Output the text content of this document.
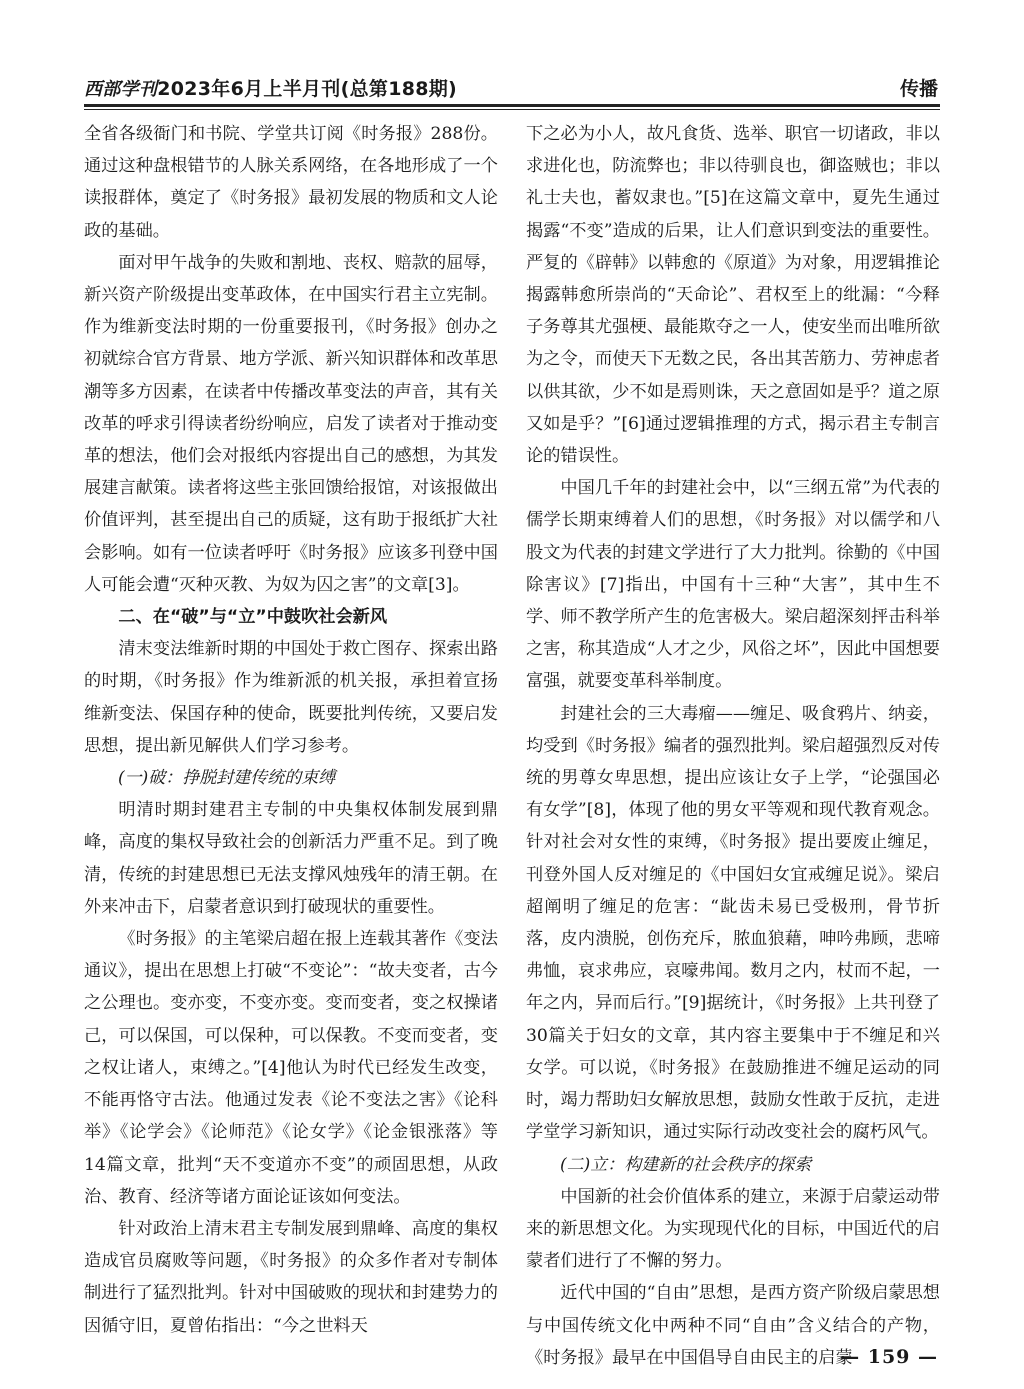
西部学刊2023年6月上半月刊(总第188期)	传播

全省各级衙门和书院、学堂共订阅《时务报》288份。通过这种盘根错节的人脉关系网络，在各地形成了一个读报群体，奠定了《时务报》最初发展的物质和文人论政的基础。

面对甲午战争的失败和割地、丧权、赔款的屈辱，新兴资产阶级提出变革政体，在中国实行君主立宪制。作为维新变法时期的一份重要报刊，《时务报》创办之初就综合官方背景、地方学派、新兴知识群体和改革思潮等多方因素，在读者中传播改革变法的声音，其有关改革的呼求引得读者纷纷响应，启发了读者对于推动变革的想法，他们会对报纸内容提出自己的感想，为其发展建言献策。读者将这些主张回馈给报馆，对该报做出价值评判，甚至提出自己的质疑，这有助于报纸扩大社会影响。如有一位读者呼吁《时务报》应该多刊登中国人可能会遭“灭种灭教、为奴为囚之害”的文章[3]。

二、在“破”与“立”中鼓吹社会新风

清末变法维新时期的中国处于救亡图存、探索出路的时期，《时务报》作为维新派的机关报，承担着宣扬维新变法、保国存种的使命，既要批判传统，又要启发思想，提出新见解供人们学习参考。

(一)破：挣脱封建传统的束缚

明清时期封建君主专制的中央集权体制发展到鼎峰，高度的集权导致社会的创新活力严重不足。到了晚清，传统的封建思想已无法支撑风烛残年的清王朝。在外来冲击下，启蒙者意识到打破现状的重要性。

《时务报》的主笔梁启超在报上连载其著作《变法通议》，提出在思想上打破“不变论”：“故夫变者，古今之公理也。变亦变，不变亦变。变而变者，变之权操诸己，可以保国，可以保种，可以保教。不变而变者，变之权让诸人，束缚之。”[4]他认为时代已经发生改变，不能再恪守古法。他通过发表《论不变法之害》《论科举》《论学会》《论师范》《论女学》《论金银涨落》等14篇文章，批判“天不变道亦不变”的顽固思想，从政治、教育、经济等诸方面论证该如何变法。

针对政治上清末君主专制发展到鼎峰、高度的集权造成官员腐败等问题，《时务报》的众多作者对专制体制进行了猛烈批判。针对中国破败的现状和封建势力的因循守旧，夏曾佑指出：“今之世料天

下之必为小人，故凡食货、选举、职官一切诸政，非以求进化也，防流弊也；非以待驯良也，御盗贼也；非以礼士夫也，蓄奴隶也。”[5]在这篇文章中，夏先生通过揭露“不变”造成的后果，让人们意识到变法的重要性。严复的《辟韩》以韩愈的《原道》为对象，用逻辑推论揭露韩愈所崇尚的“天命论”、君权至上的纰漏：“今释子务尊其尤强梗、最能欺夺之一人，使安坐而出唯所欲为之令，而使天下无数之民，各出其苦筋力、劳神虑者以供其欲，少不如是焉则诛，天之意固如是乎？道之原又如是乎？”[6]通过逻辑推理的方式，揭示君主专制言论的错误性。

中国几千年的封建社会中，以“三纲五常”为代表的儒学长期束缚着人们的思想，《时务报》对以儒学和八股文为代表的封建文学进行了大力批判。徐勤的《中国除害议》[7]指出，中国有十三种“大害”，其中生不学、师不教学所产生的危害极大。梁启超深刻抨击科举之害，称其造成“人才之少，风俗之坏”，因此中国想要富强，就要变革科举制度。

封建社会的三大毒瘤——缠足、吸食鸦片、纳妾，均受到《时务报》编者的强烈批判。梁启超强烈反对传统的男尊女卑思想，提出应该让女子上学，“论强国必有女学”[8]，体现了他的男女平等观和现代教育观念。针对社会对女性的束缚，《时务报》提出要废止缠足，刊登外国人反对缠足的《中国妇女宜戒缠足说》。梁启超阐明了缠足的危害：“龀齿未易已受极刑，骨节折落，皮内溃脱，创伤充斥，脓血狼藉，呻吟弗顾，悲啼弗恤，哀求弗应，哀嚎弗闻。数月之内，杖而不起，一年之内，异而后行。”[9]据统计，《时务报》上共刊登了30篇关于妇女的文章，其内容主要集中于不缠足和兴女学。可以说，《时务报》在鼓励推进不缠足运动的同时，竭力帮助妇女解放思想，鼓励女性敢于反抗，走进学堂学习新知识，通过实际行动改变社会的腐朽风气。

(二)立：构建新的社会秩序的探索

中国新的社会价值体系的建立，来源于启蒙运动带来的新思想文化。为实现现代化的目标，中国近代的启蒙者们进行了不懈的努力。

近代中国的“自由”思想，是西方资产阶级启蒙思想与中国传统文化中两种不同“自由”含义结合的产物，《时务报》最早在中国倡导自由民主的启蒙

— 159 —
